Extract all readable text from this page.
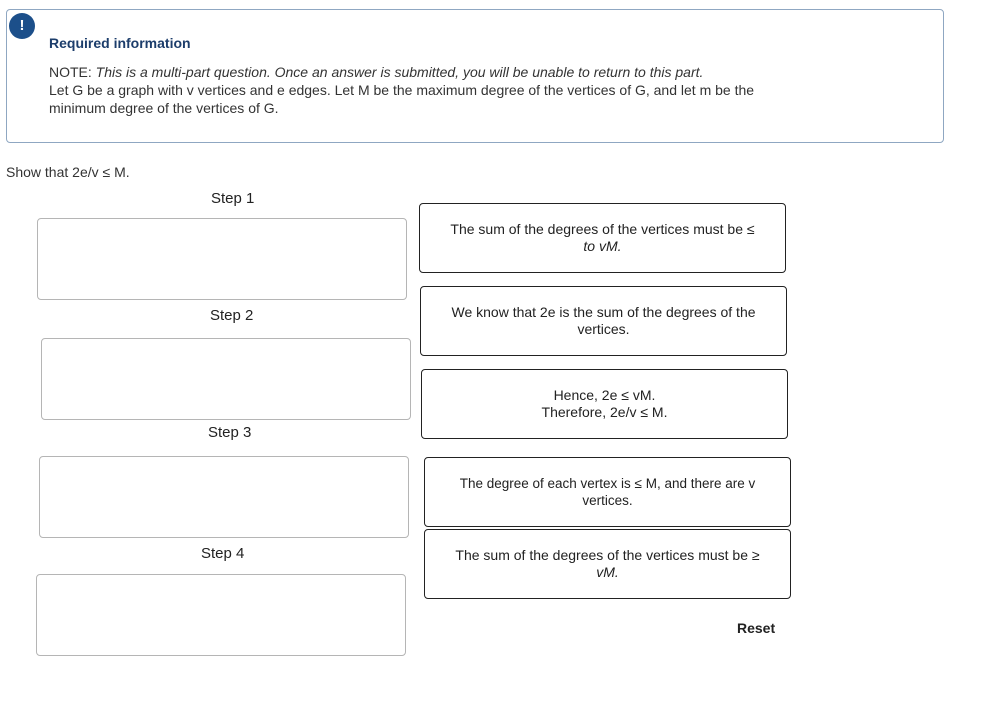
!
Required information
NOTE: This is a multi-part question. Once an answer is submitted, you will be unable to return to this part.
Let G be a graph with v vertices and e edges. Let M be the maximum degree of the vertices of G, and let m be the
minimum degree of the vertices of G.
Show that 2e/v ≤ M.
Step 1
Step 2
Step 3
Step 4
The sum of the degrees of the vertices must be ≤
to vM.
We know that 2e is the sum of the degrees of the
vertices.
Hence, 2e ≤ vM.
Therefore, 2e/v ≤ M.
The degree of each vertex is ≤ M, and there are v
vertices.
The sum of the degrees of the vertices must be ≥
vM.
Reset
